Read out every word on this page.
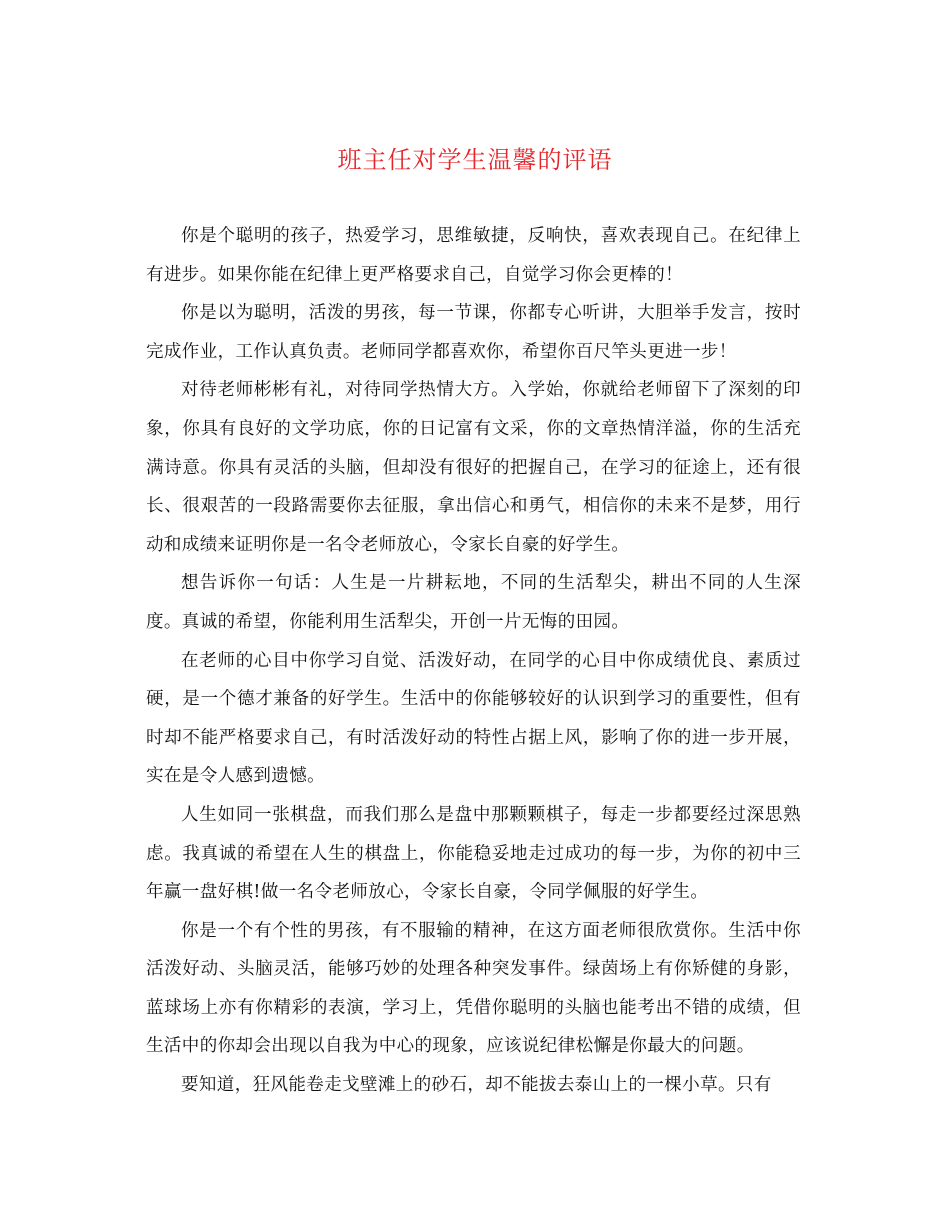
班主任对学生温馨的评语

你是个聪明的孩子，热爱学习，思维敏捷，反响快，喜欢表现自己。在纪律上有进步。如果你能在纪律上更严格要求自己，自觉学习你会更棒的！

你是以为聪明，活泼的男孩，每一节课，你都专心听讲，大胆举手发言，按时完成作业，工作认真负责。老师同学都喜欢你，希望你百尺竿头更进一步！

对待老师彬彬有礼，对待同学热情大方。入学始，你就给老师留下了深刻的印象，你具有良好的文学功底，你的日记富有文采，你的文章热情洋溢，你的生活充满诗意。你具有灵活的头脑，但却没有很好的把握自己，在学习的征途上，还有很长、很艰苦的一段路需要你去征服，拿出信心和勇气，相信你的未来不是梦，用行动和成绩来证明你是一名令老师放心，令家长自豪的好学生。

想告诉你一句话：人生是一片耕耘地，不同的生活犁尖，耕出不同的人生深度。真诚的希望，你能利用生活犁尖，开创一片无悔的田园。

在老师的心目中你学习自觉、活泼好动，在同学的心目中你成绩优良、素质过硬，是一个德才兼备的好学生。生活中的你能够较好的认识到学习的重要性，但有时却不能严格要求自己，有时活泼好动的特性占据上风，影响了你的进一步开展，实在是令人感到遗憾。

人生如同一张棋盘，而我们那么是盘中那颗颗棋子，每走一步都要经过深思熟虑。我真诚的希望在人生的棋盘上，你能稳妥地走过成功的每一步，为你的初中三年赢一盘好棋!做一名令老师放心，令家长自豪，令同学佩服的好学生。

你是一个有个性的男孩，有不服输的精神，在这方面老师很欣赏你。生活中你活泼好动、头脑灵活，能够巧妙的处理各种突发事件。绿茵场上有你矫健的身影，蓝球场上亦有你精彩的表演，学习上，凭借你聪明的头脑也能考出不错的成绩，但生活中的你却会出现以自我为中心的现象，应该说纪律松懈是你最大的问题。

要知道，狂风能卷走戈壁滩上的砂石，却不能拔去泰山上的一棵小草。只有
